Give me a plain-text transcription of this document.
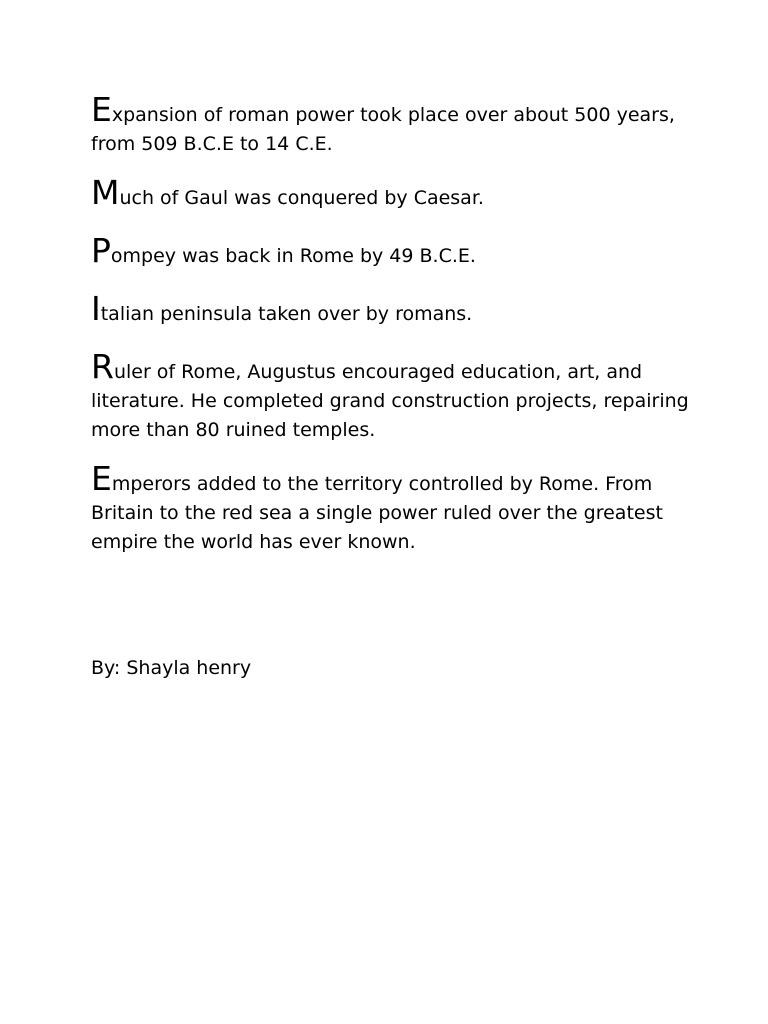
Expansion of roman power took place over about 500 years, from 509 B.C.E to 14 C.E.

Much of Gaul was conquered by Caesar.

Pompey was back in Rome by 49 B.C.E.

Italian peninsula taken over by romans.

Ruler of Rome, Augustus encouraged education, art, and literature. He completed grand construction projects, repairing more than 80 ruined temples.

Emperors added to the territory controlled by Rome. From Britain to the red sea a single power ruled over the greatest empire the world has ever known.

By: Shayla henry
